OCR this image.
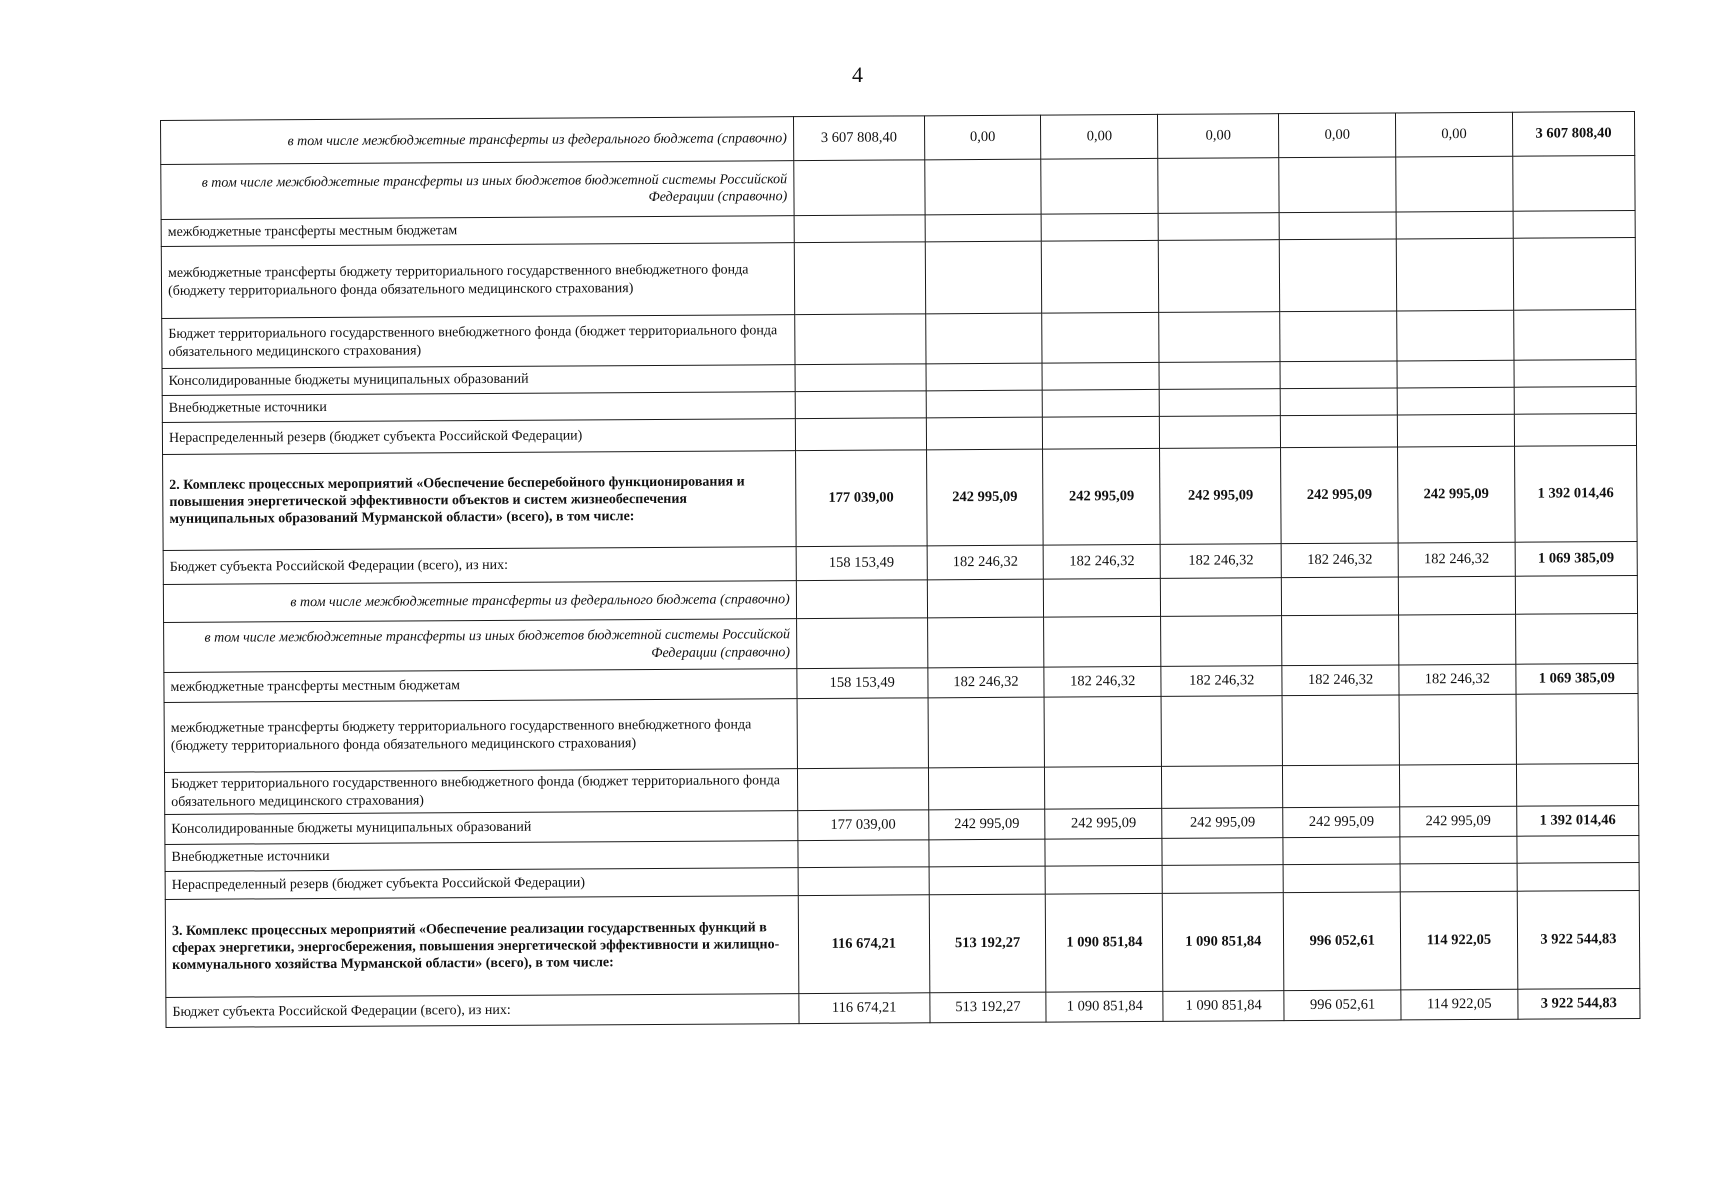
4
в том числе межбюджетные трансферты из федерального бюджета (справочно)	3 607 808,40	0,00	0,00	0,00	0,00	0,00	3 607 808,40
в том числе межбюджетные трансферты из иных бюджетов бюджетной системы Российской Федерации (справочно)							
межбюджетные трансферты местным бюджетам							
межбюджетные трансферты бюджету территориального государственного внебюджетного фонда (бюджету территориального фонда обязательного медицинского страхования)							
Бюджет территориального государственного внебюджетного фонда (бюджет территориального фонда обязательного медицинского страхования)							
Консолидированные бюджеты муниципальных образований							
Внебюджетные источники							
Нераспределенный резерв (бюджет субъекта Российской Федерации)							
2. Комплекс процессных мероприятий «Обеспечение бесперебойного функционирования и повышения энергетической эффективности объектов и систем жизнеобеспечения муниципальных образований Мурманской области» (всего), в том числе:	177 039,00	242 995,09	242 995,09	242 995,09	242 995,09	242 995,09	1 392 014,46
Бюджет субъекта Российской Федерации (всего), из них:	158 153,49	182 246,32	182 246,32	182 246,32	182 246,32	182 246,32	1 069 385,09
в том числе межбюджетные трансферты из федерального бюджета (справочно)							
в том числе межбюджетные трансферты из иных бюджетов бюджетной системы Российской Федерации (справочно)							
межбюджетные трансферты местным бюджетам	158 153,49	182 246,32	182 246,32	182 246,32	182 246,32	182 246,32	1 069 385,09
межбюджетные трансферты бюджету территориального государственного внебюджетного фонда (бюджету территориального фонда обязательного медицинского страхования)							
Бюджет территориального государственного внебюджетного фонда (бюджет территориального фонда обязательного медицинского страхования)							
Консолидированные бюджеты муниципальных образований	177 039,00	242 995,09	242 995,09	242 995,09	242 995,09	242 995,09	1 392 014,46
Внебюджетные источники							
Нераспределенный резерв (бюджет субъекта Российской Федерации)							
3. Комплекс процессных мероприятий «Обеспечение реализации государственных функций в сферах энергетики, энергосбережения, повышения энергетической эффективности и жилищно-коммунального хозяйства Мурманской области» (всего), в том числе:	116 674,21	513 192,27	1 090 851,84	1 090 851,84	996 052,61	114 922,05	3 922 544,83
Бюджет субъекта Российской Федерации (всего), из них:	116 674,21	513 192,27	1 090 851,84	1 090 851,84	996 052,61	114 922,05	3 922 544,83
